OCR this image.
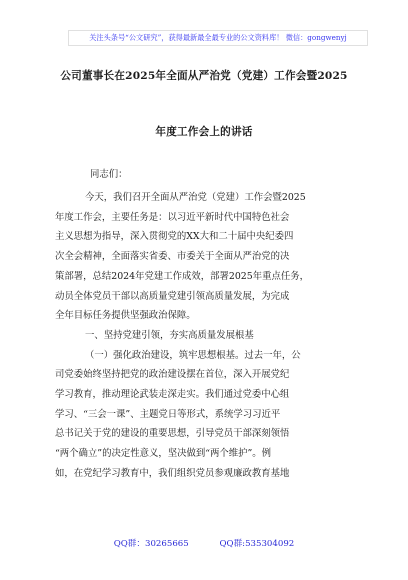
关注头条号“公文研究”，获得最新最全最专业的公文资料库！ 微信：gongwenyj
公司董事长在2025年全面从严治党（党建）工作会暨2025
年度工作会上的讲话
同志们：

今天，我们召开全面从严治党（党建）工作会暨2025

年度工作会，主要任务是：以习近平新时代中国特色社会

主义思想为指导，深入贯彻党的XX大和二十届中央纪委四

次全会精神，全面落实省委、市委关于全面从严治党的决

策部署，总结2024年党建工作成效，部署2025年重点任务，

动员全体党员干部以高质量党建引领高质量发展，为完成

全年目标任务提供坚强政治保障。

一、坚持党建引领，夯实高质量发展根基

（一）强化政治建设，筑牢思想根基。过去一年，公

司党委始终坚持把党的政治建设摆在首位，深入开展党纪

学习教育，推动理论武装走深走实。我们通过党委中心组

学习、“三会一课”、主题党日等形式，系统学习习近平

总书记关于党的建设的重要思想，引导党员干部深刻领悟

“两个确立”的决定性意义，坚决做到“两个维护”。例

如，在党纪学习教育中，我们组织党员参观廉政教育基地

QQ群：30265665	QQ群:535304092
